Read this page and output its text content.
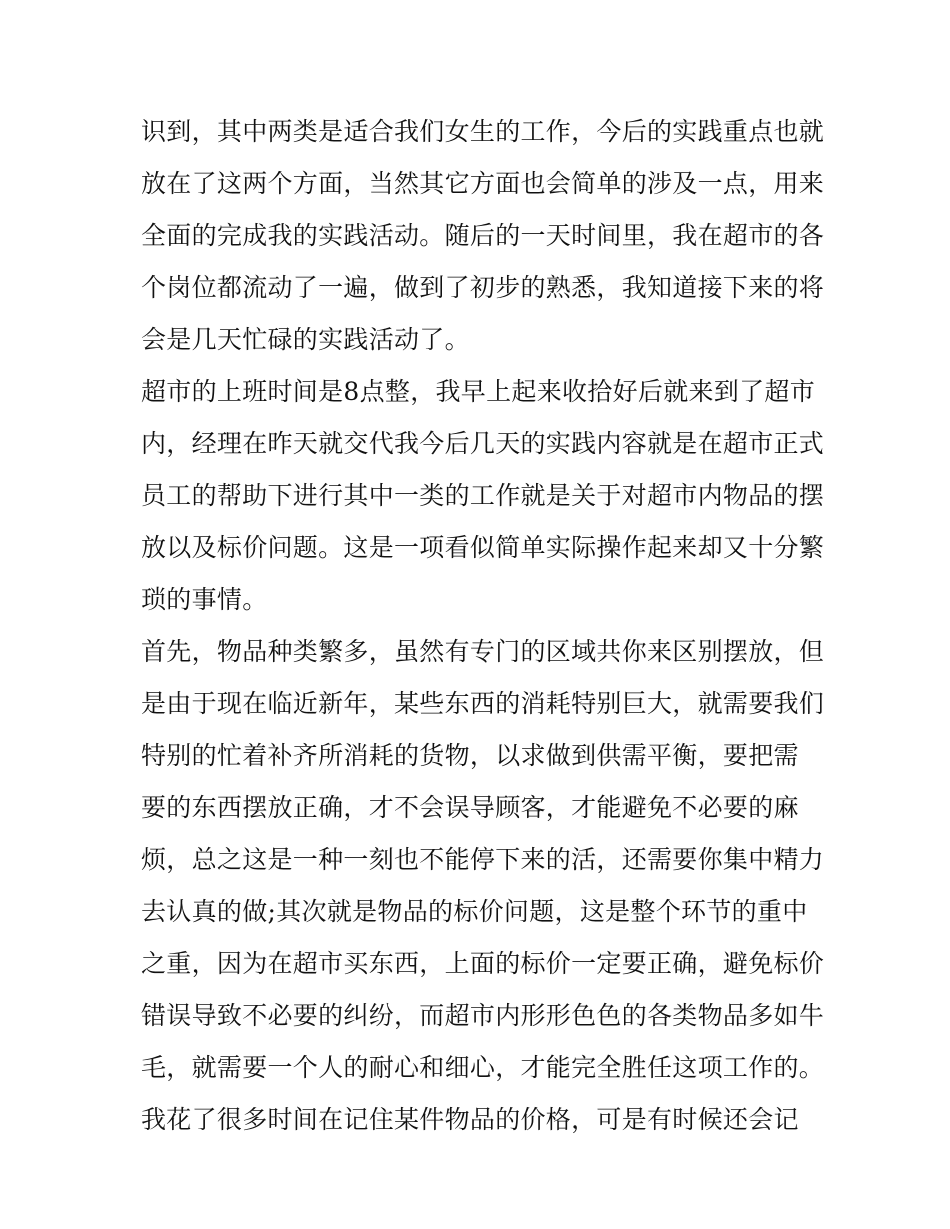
识到，其中两类是适合我们女生的工作，今后的实践重点也就
放在了这两个方面，当然其它方面也会简单的涉及一点，用来
全面的完成我的实践活动。随后的一天时间里，我在超市的各
个岗位都流动了一遍，做到了初步的熟悉，我知道接下来的将
会是几天忙碌的实践活动了。
超市的上班时间是8点整，我早上起来收拾好后就来到了超市
内，经理在昨天就交代我今后几天的实践内容就是在超市正式
员工的帮助下进行其中一类的工作就是关于对超市内物品的摆
放以及标价问题。这是一项看似简单实际操作起来却又十分繁
琐的事情。
首先，物品种类繁多，虽然有专门的区域共你来区别摆放，但
是由于现在临近新年，某些东西的消耗特别巨大，就需要我们
特别的忙着补齐所消耗的货物，以求做到供需平衡，要把需
要的东西摆放正确，才不会误导顾客，才能避免不必要的麻
烦，总之这是一种一刻也不能停下来的活，还需要你集中精力
去认真的做;其次就是物品的标价问题，这是整个环节的重中
之重，因为在超市买东西，上面的标价一定要正确，避免标价
错误导致不必要的纠纷，而超市内形形色色的各类物品多如牛
毛，就需要一个人的耐心和细心，才能完全胜任这项工作的。
我花了很多时间在记住某件物品的价格，可是有时候还会记
